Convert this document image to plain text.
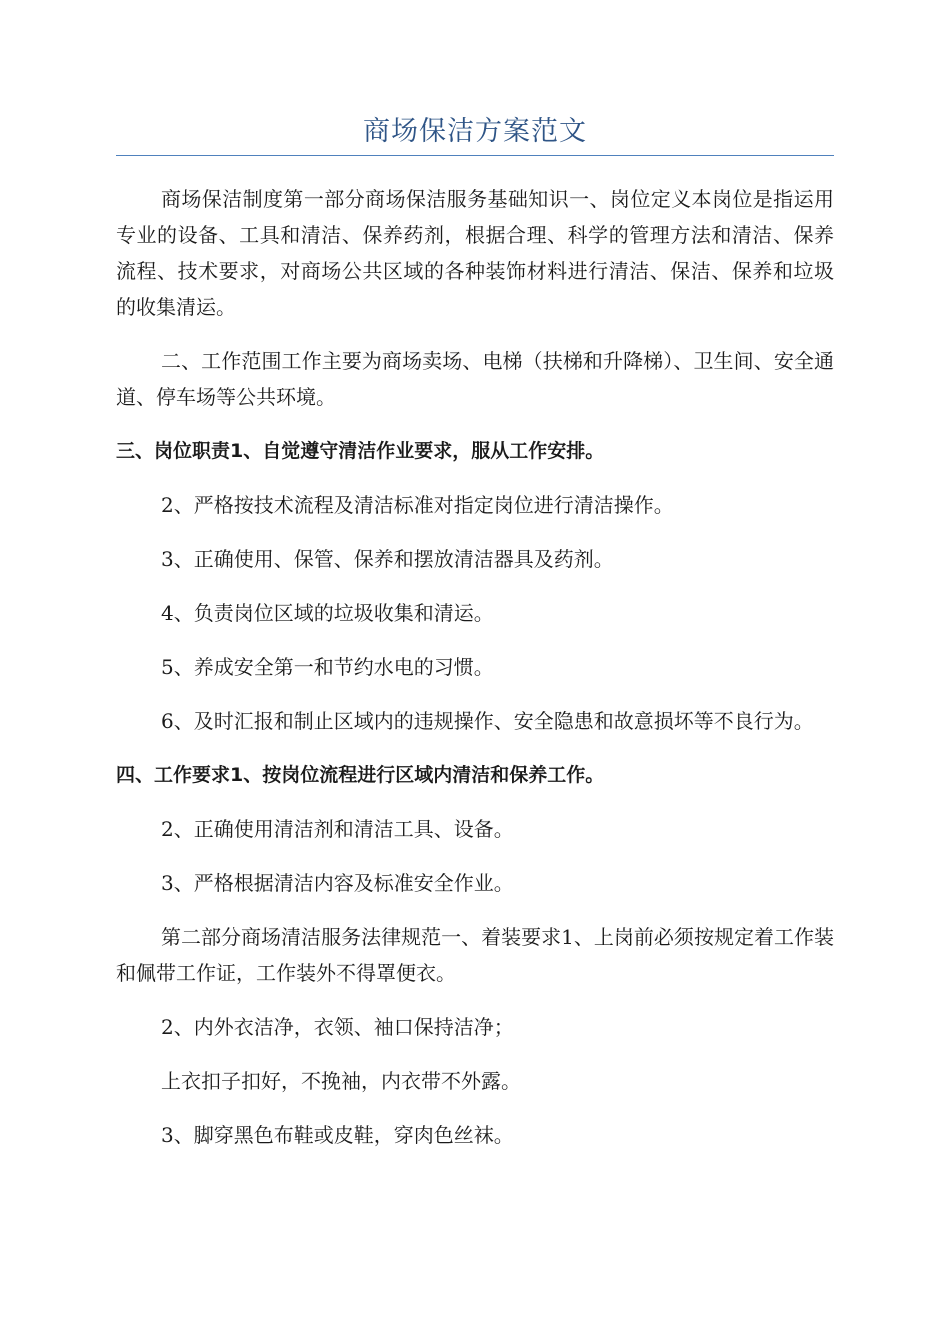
商场保洁方案范文

商场保洁制度第一部分商场保洁服务基础知识一、岗位定义本岗位是指运用专业的设备、工具和清洁、保养药剂，根据合理、科学的管理方法和清洁、保养流程、技术要求，对商场公共区域的各种装饰材料进行清洁、保洁、保养和垃圾的收集清运。

二、工作范围工作主要为商场卖场、电梯（扶梯和升降梯）、卫生间、安全通道、停车场等公共环境。

三、岗位职责1、自觉遵守清洁作业要求，服从工作安排。

2、严格按技术流程及清洁标准对指定岗位进行清洁操作。

3、正确使用、保管、保养和摆放清洁器具及药剂。

4、负责岗位区域的垃圾收集和清运。

5、养成安全第一和节约水电的习惯。

6、及时汇报和制止区域内的违规操作、安全隐患和故意损坏等不良行为。

四、工作要求1、按岗位流程进行区域内清洁和保养工作。

2、正确使用清洁剂和清洁工具、设备。

3、严格根据清洁内容及标准安全作业。

第二部分商场清洁服务法律规范一、着装要求1、上岗前必须按规定着工作装和佩带工作证，工作装外不得罩便衣。

2、内外衣洁净，衣领、袖口保持洁净；

上衣扣子扣好，不挽袖，内衣带不外露。

3、脚穿黑色布鞋或皮鞋，穿肉色丝袜。
